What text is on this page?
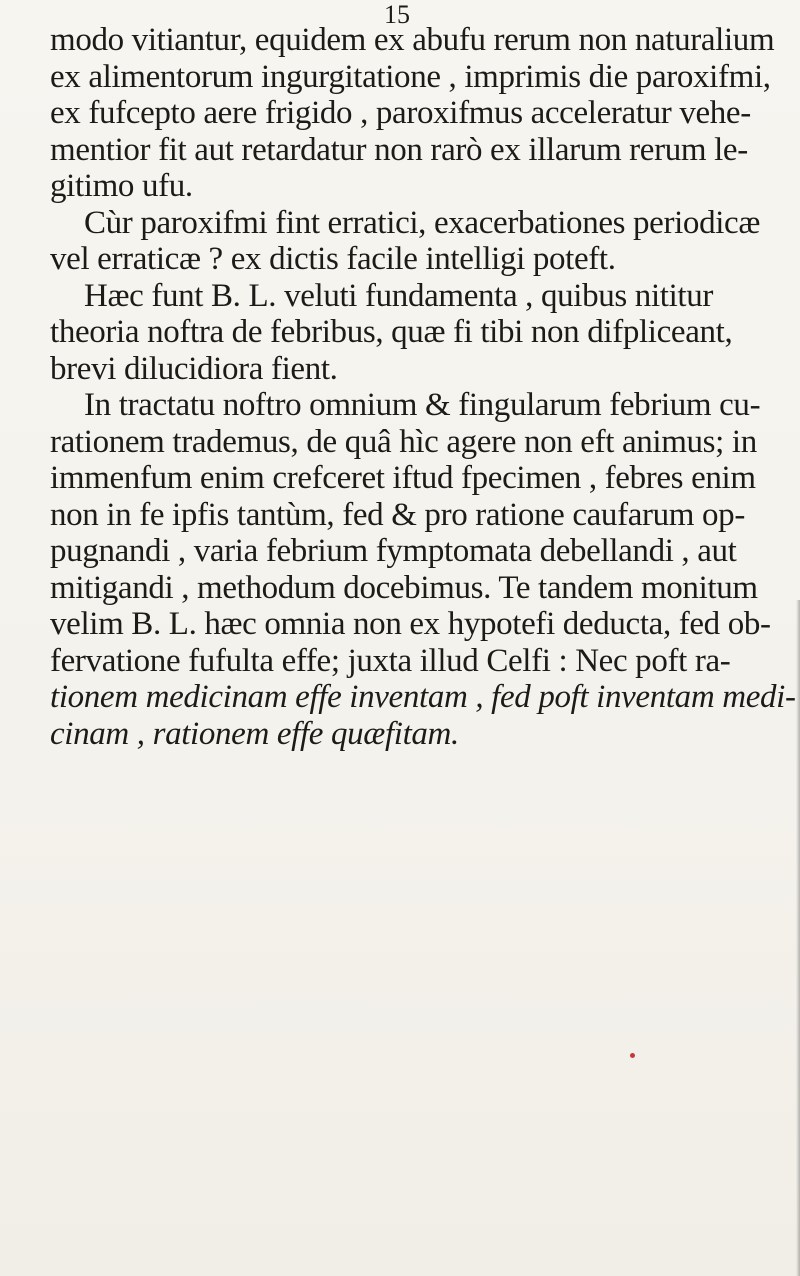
15
modo vitiantur, equidem ex abufu rerum non naturalium
ex alimentorum ingurgitatione , imprimis die paroxifmi,
ex fufcepto aere frigido , paroxifmus acceleratur vehe-
mentior fit aut retardatur non rarò ex illarum rerum le-
gitimo ufu.
Cùr paroxifmi fint erratici, exacerbationes periodicæ
vel erraticæ ? ex dictis facile intelligi poteft.
Hæc funt B. L. veluti fundamenta , quibus nititur
theoria noftra de febribus, quæ fi tibi non difpliceant,
brevi dilucidiora fient.
In tractatu noftro omnium & fingularum febrium cu-
rationem trademus, de quâ hìc agere non eft animus; in
immenfum enim crefceret iftud fpecimen , febres enim
non in fe ipfis tantùm, fed & pro ratione caufarum op-
pugnandi , varia febrium fymptomata debellandi , aut
mitigandi , methodum docebimus. Te tandem monitum
velim B. L. hæc omnia non ex hypotefi deducta, fed ob-
fervatione fufulta effe; juxta illud Celfi : Nec poft ra-
tionem medicinam effe inventam , fed poft inventam medi-
cinam , rationem effe quæfitam.
